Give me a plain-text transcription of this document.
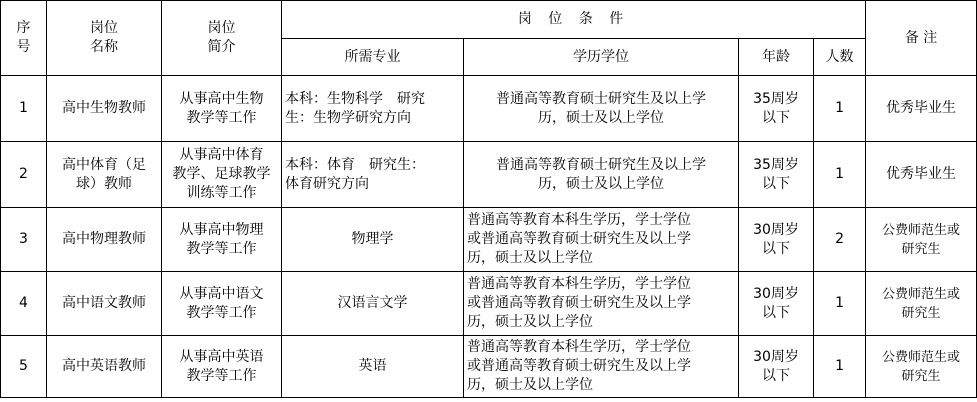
序
号	岗位
名称	岗位
简介	岗 位 条 件				备 注
			所需专业	学历学位	年龄	人数	
1	高中生物教师	从事高中生物
教学等工作	本科：生物科学　研究
生：生物学研究方向	普通高等教育硕士研究生及以上学
历，硕士及以上学位	35周岁
以下	1	优秀毕业生
2	高中体育（足
球）教师	从事高中体育
教学、足球教学
训练等工作	本科：体育　研究生：
体育研究方向	普通高等教育硕士研究生及以上学
历，硕士及以上学位	35周岁
以下	1	优秀毕业生
3	高中物理教师	从事高中物理
教学等工作	物理学	普通高等教育本科生学历，学士学位
或普通高等教育硕士研究生及以上学
历，硕士及以上学位	30周岁
以下	2	公费师范生或
研究生
4	高中语文教师	从事高中语文
教学等工作	汉语言文学	普通高等教育本科生学历，学士学位
或普通高等教育硕士研究生及以上学
历，硕士及以上学位	30周岁
以下	1	公费师范生或
研究生
5	高中英语教师	从事高中英语
教学等工作	英语	普通高等教育本科生学历，学士学位
或普通高等教育硕士研究生及以上学
历，硕士及以上学位	30周岁
以下	1	公费师范生或
研究生
